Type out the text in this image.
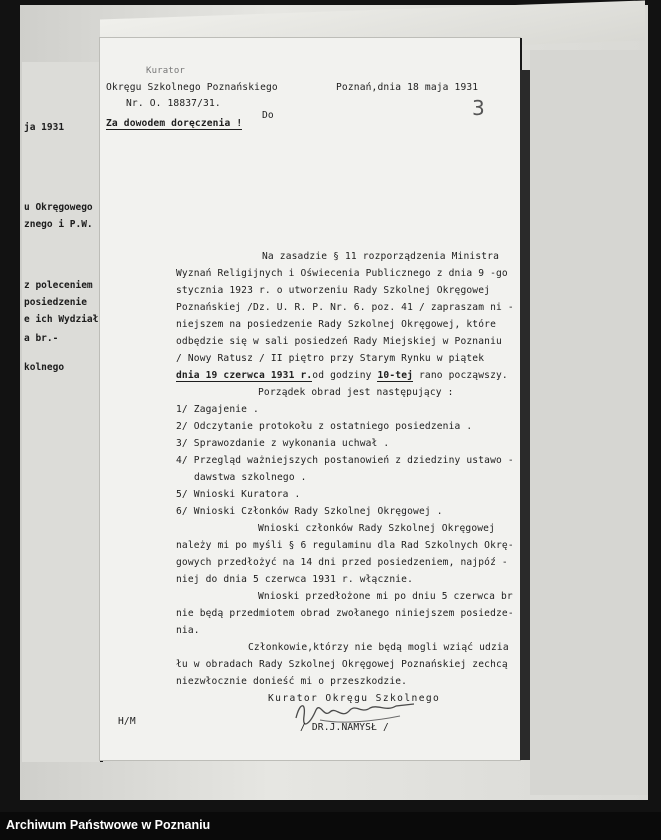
ja 1931
u Okręgowego
znego i P.W.
z poleceniem
posiedzenie
e ich Wydział
a br.-
kolnego
Kurator
Okręgu Szkolnego Poznańskiego
Nr. O. 18837/31.
Za dowodem doręczenia !
Do
Poznań,dnia 18 maja 1931
3
Na zasadzie § 11 rozporządzenia Ministra
Wyznań Religijnych i Oświecenia Publicznego z dnia 9 -go
stycznia 1923 r. o utworzeniu Rady Szkolnej Okręgowej
Poznańskiej /Dz. U. R. P. Nr. 6. poz. 41 / zapraszam ni -
niejszem na posiedzenie Rady Szkolnej Okręgowej, które
odbędzie się w sali posiedzeń Rady Miejskiej w Poznaniu
/ Nowy Ratusz / II piętro przy Starym Rynku w piątek
dnia 19 czerwca 1931 r.od godziny 10-tej rano począwszy.
Porządek obrad jest następujący :
1/ Zagajenie .
2/ Odczytanie protokołu z ostatniego posiedzenia .
3/ Sprawozdanie z wykonania uchwał .
4/ Przegląd ważniejszych postanowień z dziedziny ustawo -
dawstwa szkolnego .
5/ Wnioski Kuratora .
6/ Wnioski Członków Rady Szkolnej Okręgowej .
Wnioski członków Rady Szkolnej Okręgowej
należy mi po myśli § 6 regulaminu dla Rad Szkolnych Okrę-
gowych przedłożyć na 14 dni przed posiedzeniem, najpóź -
niej do dnia 5 czerwca 1931 r. włącznie.
Wnioski przedłożone mi po dniu 5 czerwca br
nie będą przedmiotem obrad zwołanego niniejszem posiedze-
nia.
Członkowie,którzy nie będą mogli wziąć udzia
łu w obradach Rady Szkolnej Okręgowej Poznańskiej zechcą
niezwłocznie donieść mi o przeszkodzie.
Kurator Okręgu Szkolnego
/ DR.J.NAMYSŁ /
H/M
Archiwum Państwowe w Poznaniu
